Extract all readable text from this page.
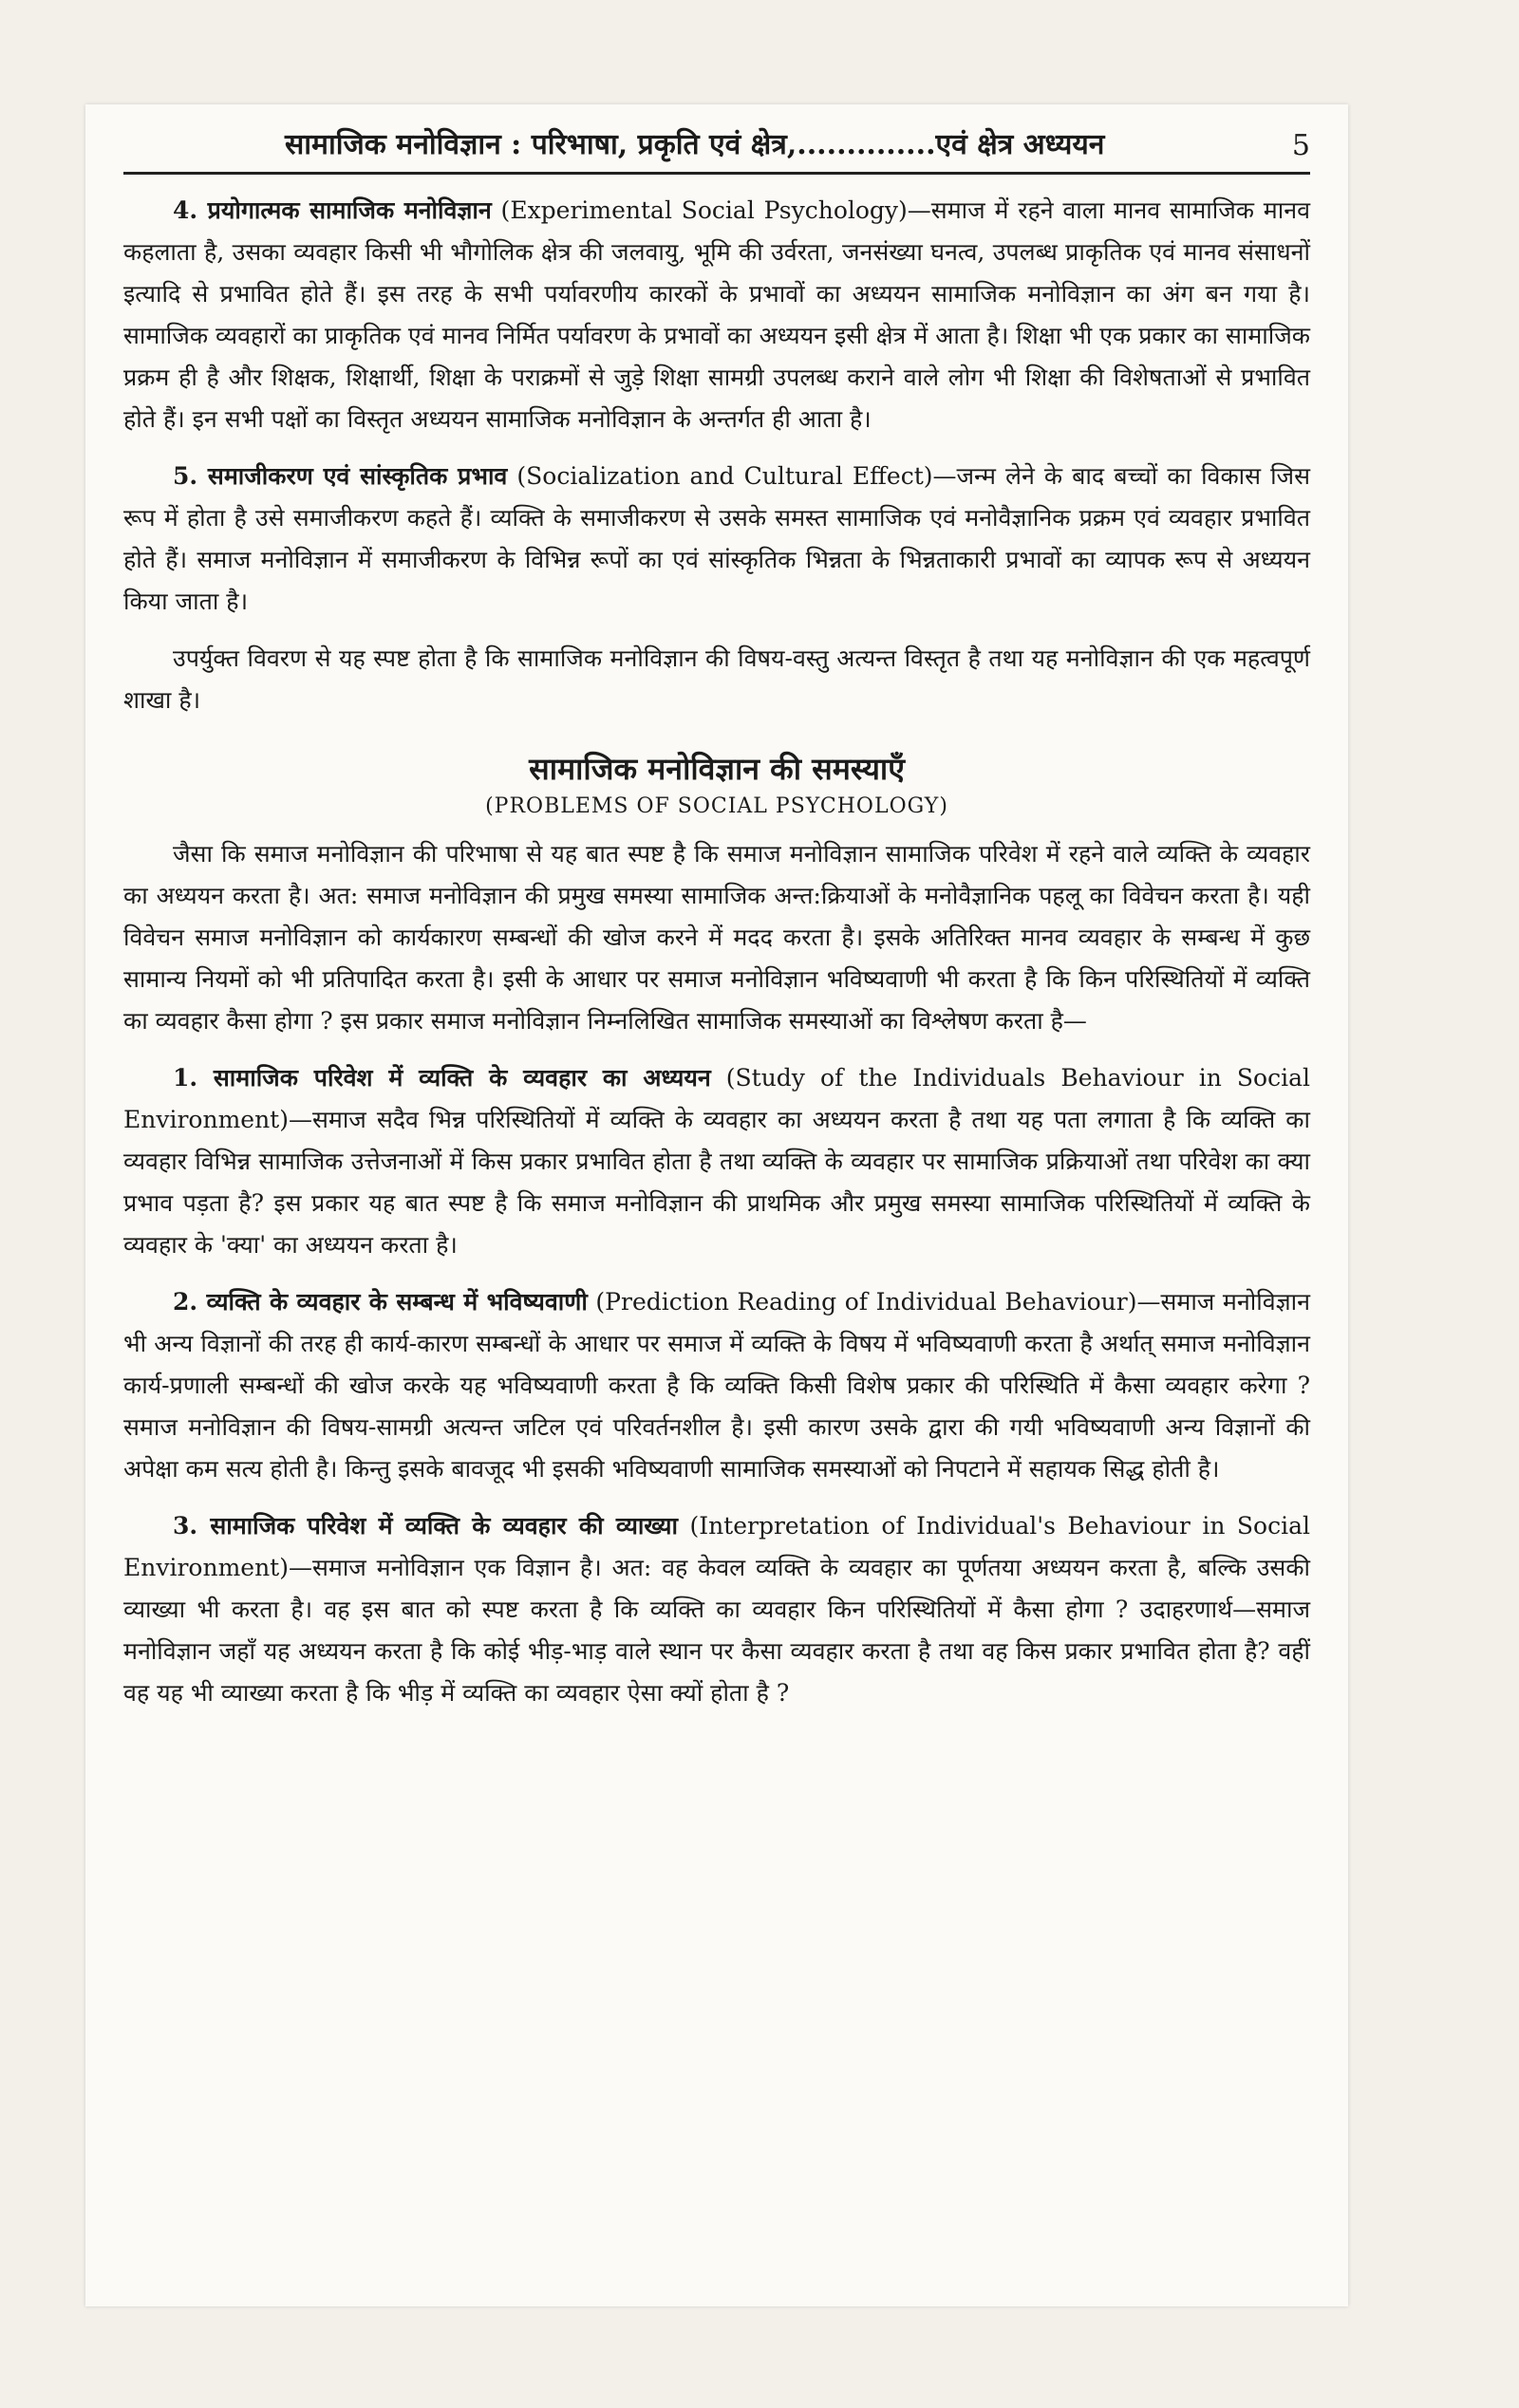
सामाजिक मनोविज्ञान : परिभाषा, प्रकृति एवं क्षेत्र,..............एवं क्षेत्र अध्ययन	5

4. प्रयोगात्मक सामाजिक मनोविज्ञान (Experimental Social Psychology)—समाज में रहने वाला मानव सामाजिक मानव कहलाता है, उसका व्यवहार किसी भी भौगोलिक क्षेत्र की जलवायु, भूमि की उर्वरता, जनसंख्या घनत्व, उपलब्ध प्राकृतिक एवं मानव संसाधनों इत्यादि से प्रभावित होते हैं। इस तरह के सभी पर्यावरणीय कारकों के प्रभावों का अध्ययन सामाजिक मनोविज्ञान का अंग बन गया है। सामाजिक व्यवहारों का प्राकृतिक एवं मानव निर्मित पर्यावरण के प्रभावों का अध्ययन इसी क्षेत्र में आता है। शिक्षा भी एक प्रकार का सामाजिक प्रक्रम ही है और शिक्षक, शिक्षार्थी, शिक्षा के पराक्रमों से जुड़े शिक्षा सामग्री उपलब्ध कराने वाले लोग भी शिक्षा की विशेषताओं से प्रभावित होते हैं। इन सभी पक्षों का विस्तृत अध्ययन सामाजिक मनोविज्ञान के अन्तर्गत ही आता है।

5. समाजीकरण एवं सांस्कृतिक प्रभाव (Socialization and Cultural Effect)—जन्म लेने के बाद बच्चों का विकास जिस रूप में होता है उसे समाजीकरण कहते हैं। व्यक्ति के समाजीकरण से उसके समस्त सामाजिक एवं मनोवैज्ञानिक प्रक्रम एवं व्यवहार प्रभावित होते हैं। समाज मनोविज्ञान में समाजीकरण के विभिन्न रूपों का एवं सांस्कृतिक भिन्नता के भिन्नताकारी प्रभावों का व्यापक रूप से अध्ययन किया जाता है।

उपर्युक्त विवरण से यह स्पष्ट होता है कि सामाजिक मनोविज्ञान की विषय-वस्तु अत्यन्त विस्तृत है तथा यह मनोविज्ञान की एक महत्वपूर्ण शाखा है।

सामाजिक मनोविज्ञान की समस्याएँ
(PROBLEMS OF SOCIAL PSYCHOLOGY)

जैसा कि समाज मनोविज्ञान की परिभाषा से यह बात स्पष्ट है कि समाज मनोविज्ञान सामाजिक परिवेश में रहने वाले व्यक्ति के व्यवहार का अध्ययन करता है। अत: समाज मनोविज्ञान की प्रमुख समस्या सामाजिक अन्त:क्रियाओं के मनोवैज्ञानिक पहलू का विवेचन करता है। यही विवेचन समाज मनोविज्ञान को कार्यकारण सम्बन्धों की खोज करने में मदद करता है। इसके अतिरिक्त मानव व्यवहार के सम्बन्ध में कुछ सामान्य नियमों को भी प्रतिपादित करता है। इसी के आधार पर समाज मनोविज्ञान भविष्यवाणी भी करता है कि किन परिस्थितियों में व्यक्ति का व्यवहार कैसा होगा ? इस प्रकार समाज मनोविज्ञान निम्नलिखित सामाजिक समस्याओं का विश्लेषण करता है—

1. सामाजिक परिवेश में व्यक्ति के व्यवहार का अध्ययन (Study of the Individuals Behaviour in Social Environment)—समाज सदैव भिन्न परिस्थितियों में व्यक्ति के व्यवहार का अध्ययन करता है तथा यह पता लगाता है कि व्यक्ति का व्यवहार विभिन्न सामाजिक उत्तेजनाओं में किस प्रकार प्रभावित होता है तथा व्यक्ति के व्यवहार पर सामाजिक प्रक्रियाओं तथा परिवेश का क्या प्रभाव पड़ता है? इस प्रकार यह बात स्पष्ट है कि समाज मनोविज्ञान की प्राथमिक और प्रमुख समस्या सामाजिक परिस्थितियों में व्यक्ति के व्यवहार के 'क्या' का अध्ययन करता है।

2. व्यक्ति के व्यवहार के सम्बन्ध में भविष्यवाणी (Prediction Reading of Individual Behaviour)—समाज मनोविज्ञान भी अन्य विज्ञानों की तरह ही कार्य-कारण सम्बन्धों के आधार पर समाज में व्यक्ति के विषय में भविष्यवाणी करता है अर्थात् समाज मनोविज्ञान कार्य-प्रणाली सम्बन्धों की खोज करके यह भविष्यवाणी करता है कि व्यक्ति किसी विशेष प्रकार की परिस्थिति में कैसा व्यवहार करेगा ? समाज मनोविज्ञान की विषय-सामग्री अत्यन्त जटिल एवं परिवर्तनशील है। इसी कारण उसके द्वारा की गयी भविष्यवाणी अन्य विज्ञानों की अपेक्षा कम सत्य होती है। किन्तु इसके बावजूद भी इसकी भविष्यवाणी सामाजिक समस्याओं को निपटाने में सहायक सिद्ध होती है।

3. सामाजिक परिवेश में व्यक्ति के व्यवहार की व्याख्या (Interpretation of Individual's Behaviour in Social Environment)—समाज मनोविज्ञान एक विज्ञान है। अत: वह केवल व्यक्ति के व्यवहार का पूर्णतया अध्ययन करता है, बल्कि उसकी व्याख्या भी करता है। वह इस बात को स्पष्ट करता है कि व्यक्ति का व्यवहार किन परिस्थितियों में कैसा होगा ? उदाहरणार्थ—समाज मनोविज्ञान जहाँ यह अध्ययन करता है कि कोई भीड़-भाड़ वाले स्थान पर कैसा व्यवहार करता है तथा वह किस प्रकार प्रभावित होता है? वहीं वह यह भी व्याख्या करता है कि भीड़ में व्यक्ति का व्यवहार ऐसा क्यों होता है ?
